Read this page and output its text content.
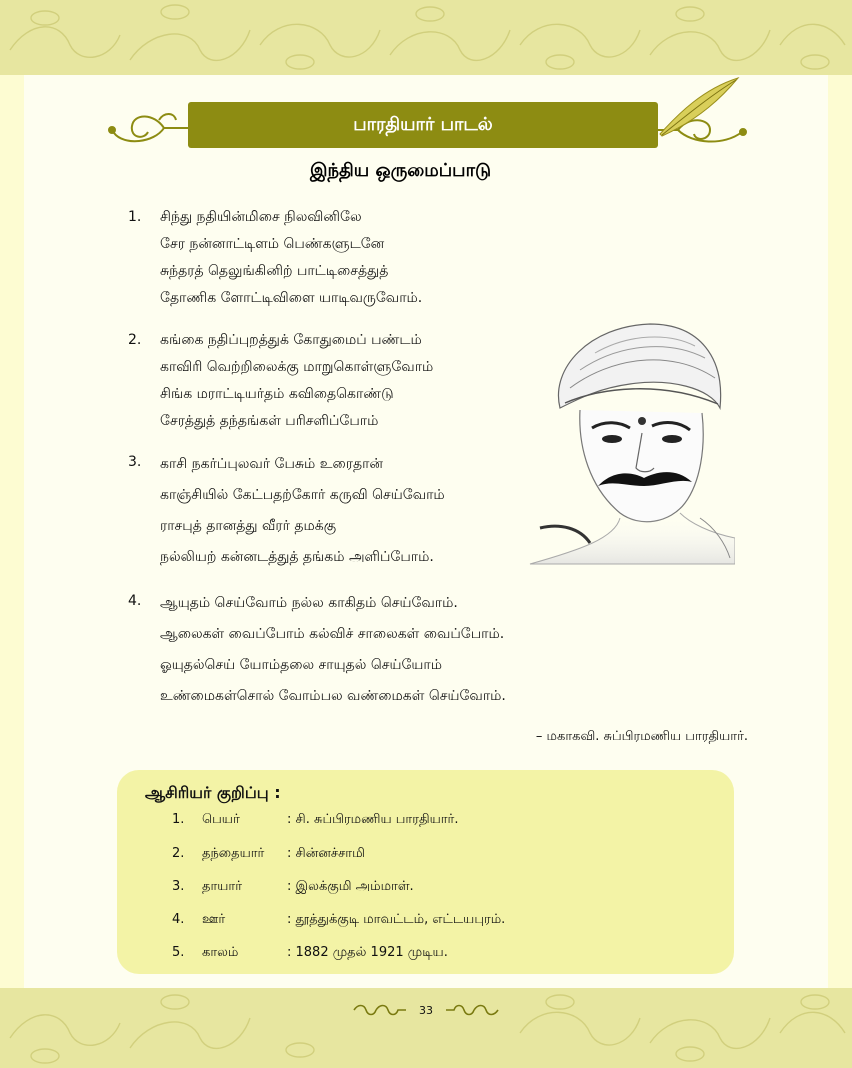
பாரதியார் பாடல்
இந்திய ஒருமைப்பாடு
1.	சிந்து நதியின்மிசை நிலவினிலே
சேர நன்னாட்டிளம் பெண்களுடனே
சுந்தரத் தெலுங்கினிற் பாட்டிசைத்துத்
தோணிக ளோட்டிவிளை யாடிவருவோம்.
2.	கங்கை நதிப்புறத்துக் கோதுமைப் பண்டம்
காவிரி வெற்றிலைக்கு மாறுகொள்ளுவோம்
சிங்க மராட்டியர்தம் கவிதைகொண்டு
சேரத்துத் தந்தங்கள் பரிசளிப்போம்
3.	காசி நகர்ப்புலவர் பேசும் உரைதான்
காஞ்சியில் கேட்பதற்கோர் கருவி செய்வோம்
ராசபுத் தானத்து வீரர் தமக்கு
நல்லியற் கன்னடத்துத் தங்கம் அளிப்போம்.
4.	ஆயுதம் செய்வோம் நல்ல காகிதம் செய்வோம்.
ஆலைகள் வைப்போம் கல்விச் சாலைகள் வைப்போம்.
ஓயுதல்செய் யோம்தலை சாயுதல் செய்யோம்
உண்மைகள்சொல் வோம்பல வண்மைகள் செய்வோம்.
– மகாகவி. சுப்பிரமணிய பாரதியார்.
ஆசிரியர் குறிப்பு :
1.	பெயர்	: சி. சுப்பிரமணிய பாரதியார்.
2.	தந்தையார் : சின்னச்சாமி
3.	தாயார்	: இலக்குமி அம்மாள்.
4.	ஊர்	: தூத்துக்குடி மாவட்டம், எட்டயபுரம்.
5.	காலம்	: 1882 முதல் 1921 முடிய.
33
